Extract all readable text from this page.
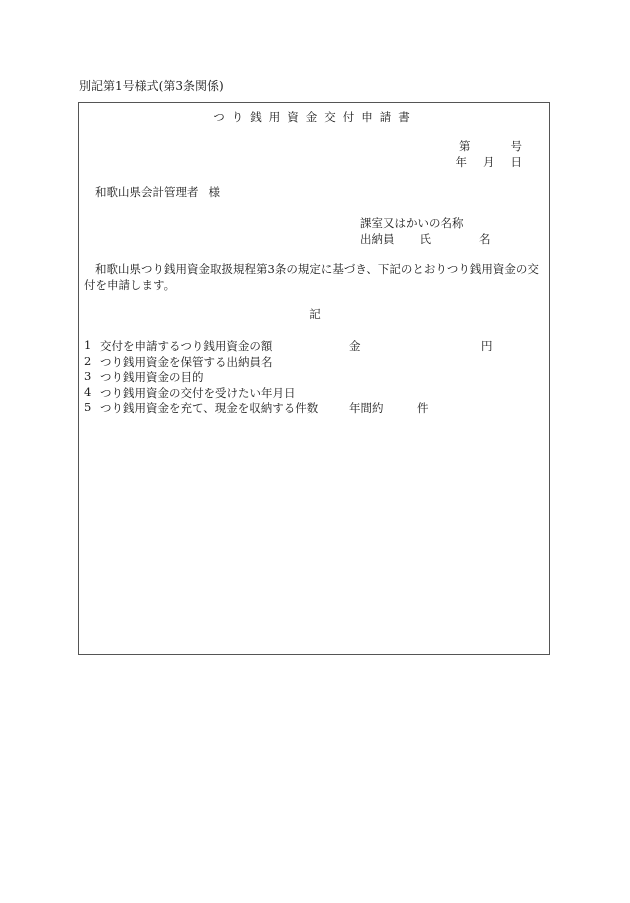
別記第1号様式(第3条関係)
つり銭用資金交付申請書
第	号
年 月 日
和歌山県会計管理者 様
課室又はかいの名称
出納員 氏	名
和歌山県つり銭用資金取扱規程第3条の規定に基づき、下記のとおりつり銭用資金の交付を申請します。
記
1 交付を申請するつり銭用資金の額	金	円
2 つり銭用資金を保管する出納員名
3 つり銭用資金の目的
4 つり銭用資金の交付を受けたい年月日
5 つり銭用資金を充て、現金を収納する件数	年間約	件
